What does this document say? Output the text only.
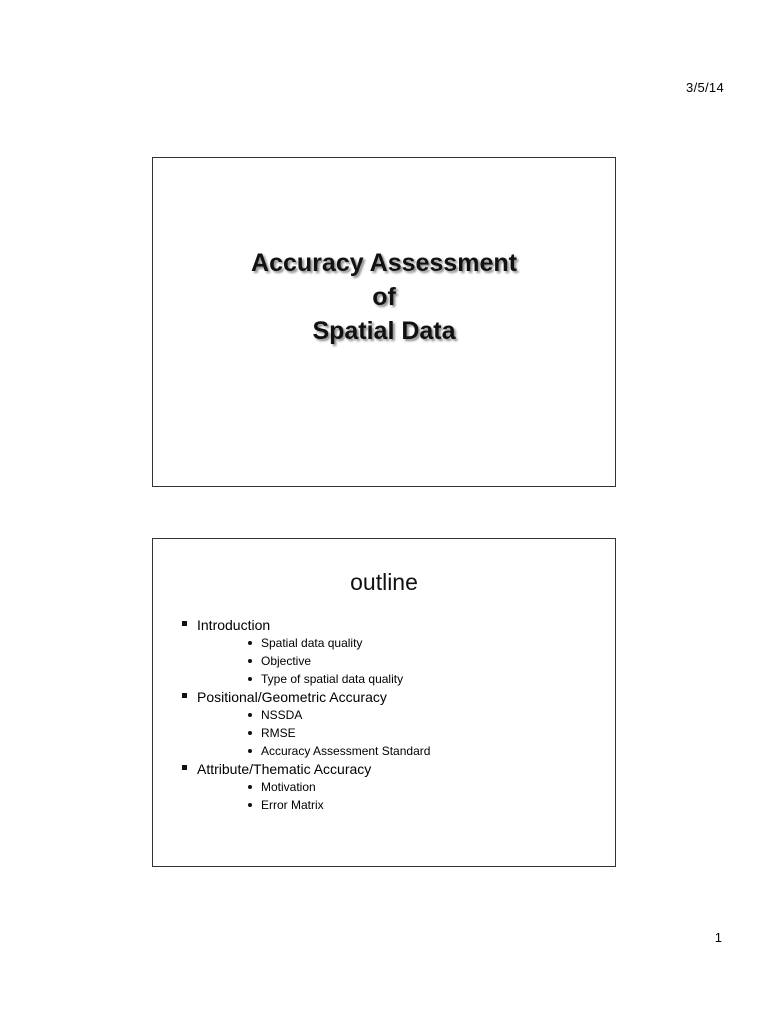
3/5/14
Accuracy Assessment
of
Spatial Data
outline
Introduction
Spatial data quality
Objective
Type of spatial data quality
Positional/Geometric Accuracy
NSSDA
RMSE
Accuracy Assessment Standard
Attribute/Thematic Accuracy
Motivation
Error Matrix
1
